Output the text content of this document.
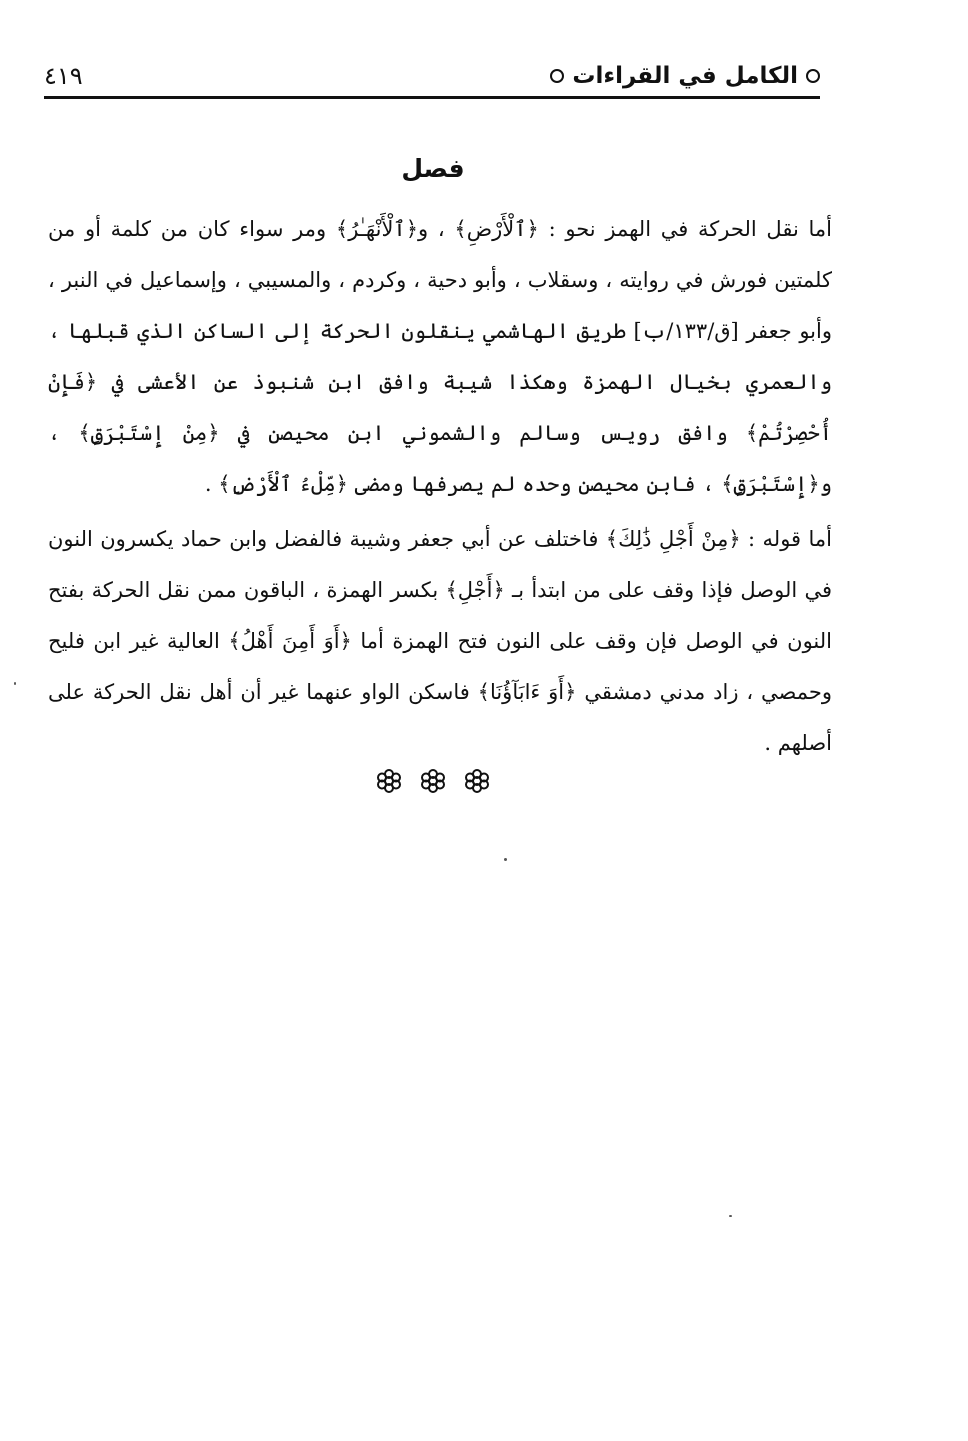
الكامل في القراءات
٤١٩
فصل

أما نقل الحركة في الهمز نحو : ﴿ٱلْأَرْضِ﴾ ، و﴿ٱلْأَنْهَـٰرُ﴾ ومر سواء كان من كلمة أو من كلمتين فورش في روايته ، وسقلاب ، وأبو دحية ، وكردم ، والمسيبي ، وإسماعيل في النبر ، وأبو جعفر [ق/١٣٣/ب] طريق الهاشمي ينقلون الحركة إلى الساكن الذي قبلها ، والعمري بخيال الهمزة وهكذا شيبة وافق ابن شنبوذ عن الأعشى في ﴿فَإِنْ أُحْصِرْتُمْ﴾ وافق رويس وسالم والشموني ابن محيصن في ﴿مِنْ إِسْتَبْرَقٍ﴾ ، و﴿إِسْتَبْرَقٍ﴾ ، فابن محيصن وحده لم يصرفها ومضى ﴿مِّلْءُ ٱلْأَرْضِ﴾ .

أما قوله : ﴿مِنْ أَجْلِ ذَٰلِكَ﴾ فاختلف عن أبي جعفر وشيبة فالفضل وابن حماد يكسرون النون في الوصل فإذا وقف على من ابتدأ بـ ﴿أَجْلِ﴾ بكسر الهمزة ، الباقون ممن نقل الحركة بفتح النون في الوصل فإن وقف على النون فتح الهمزة أما ﴿أَوَ أَمِنَ أَهْلُ﴾ العالية غير ابن فليح وحمصي ، زاد مدني دمشقي ﴿أَوَ ءَابَآؤُنَا﴾ فاسكن الواو عنهما غير أن أهل نقل الحركة على أصلهم .
